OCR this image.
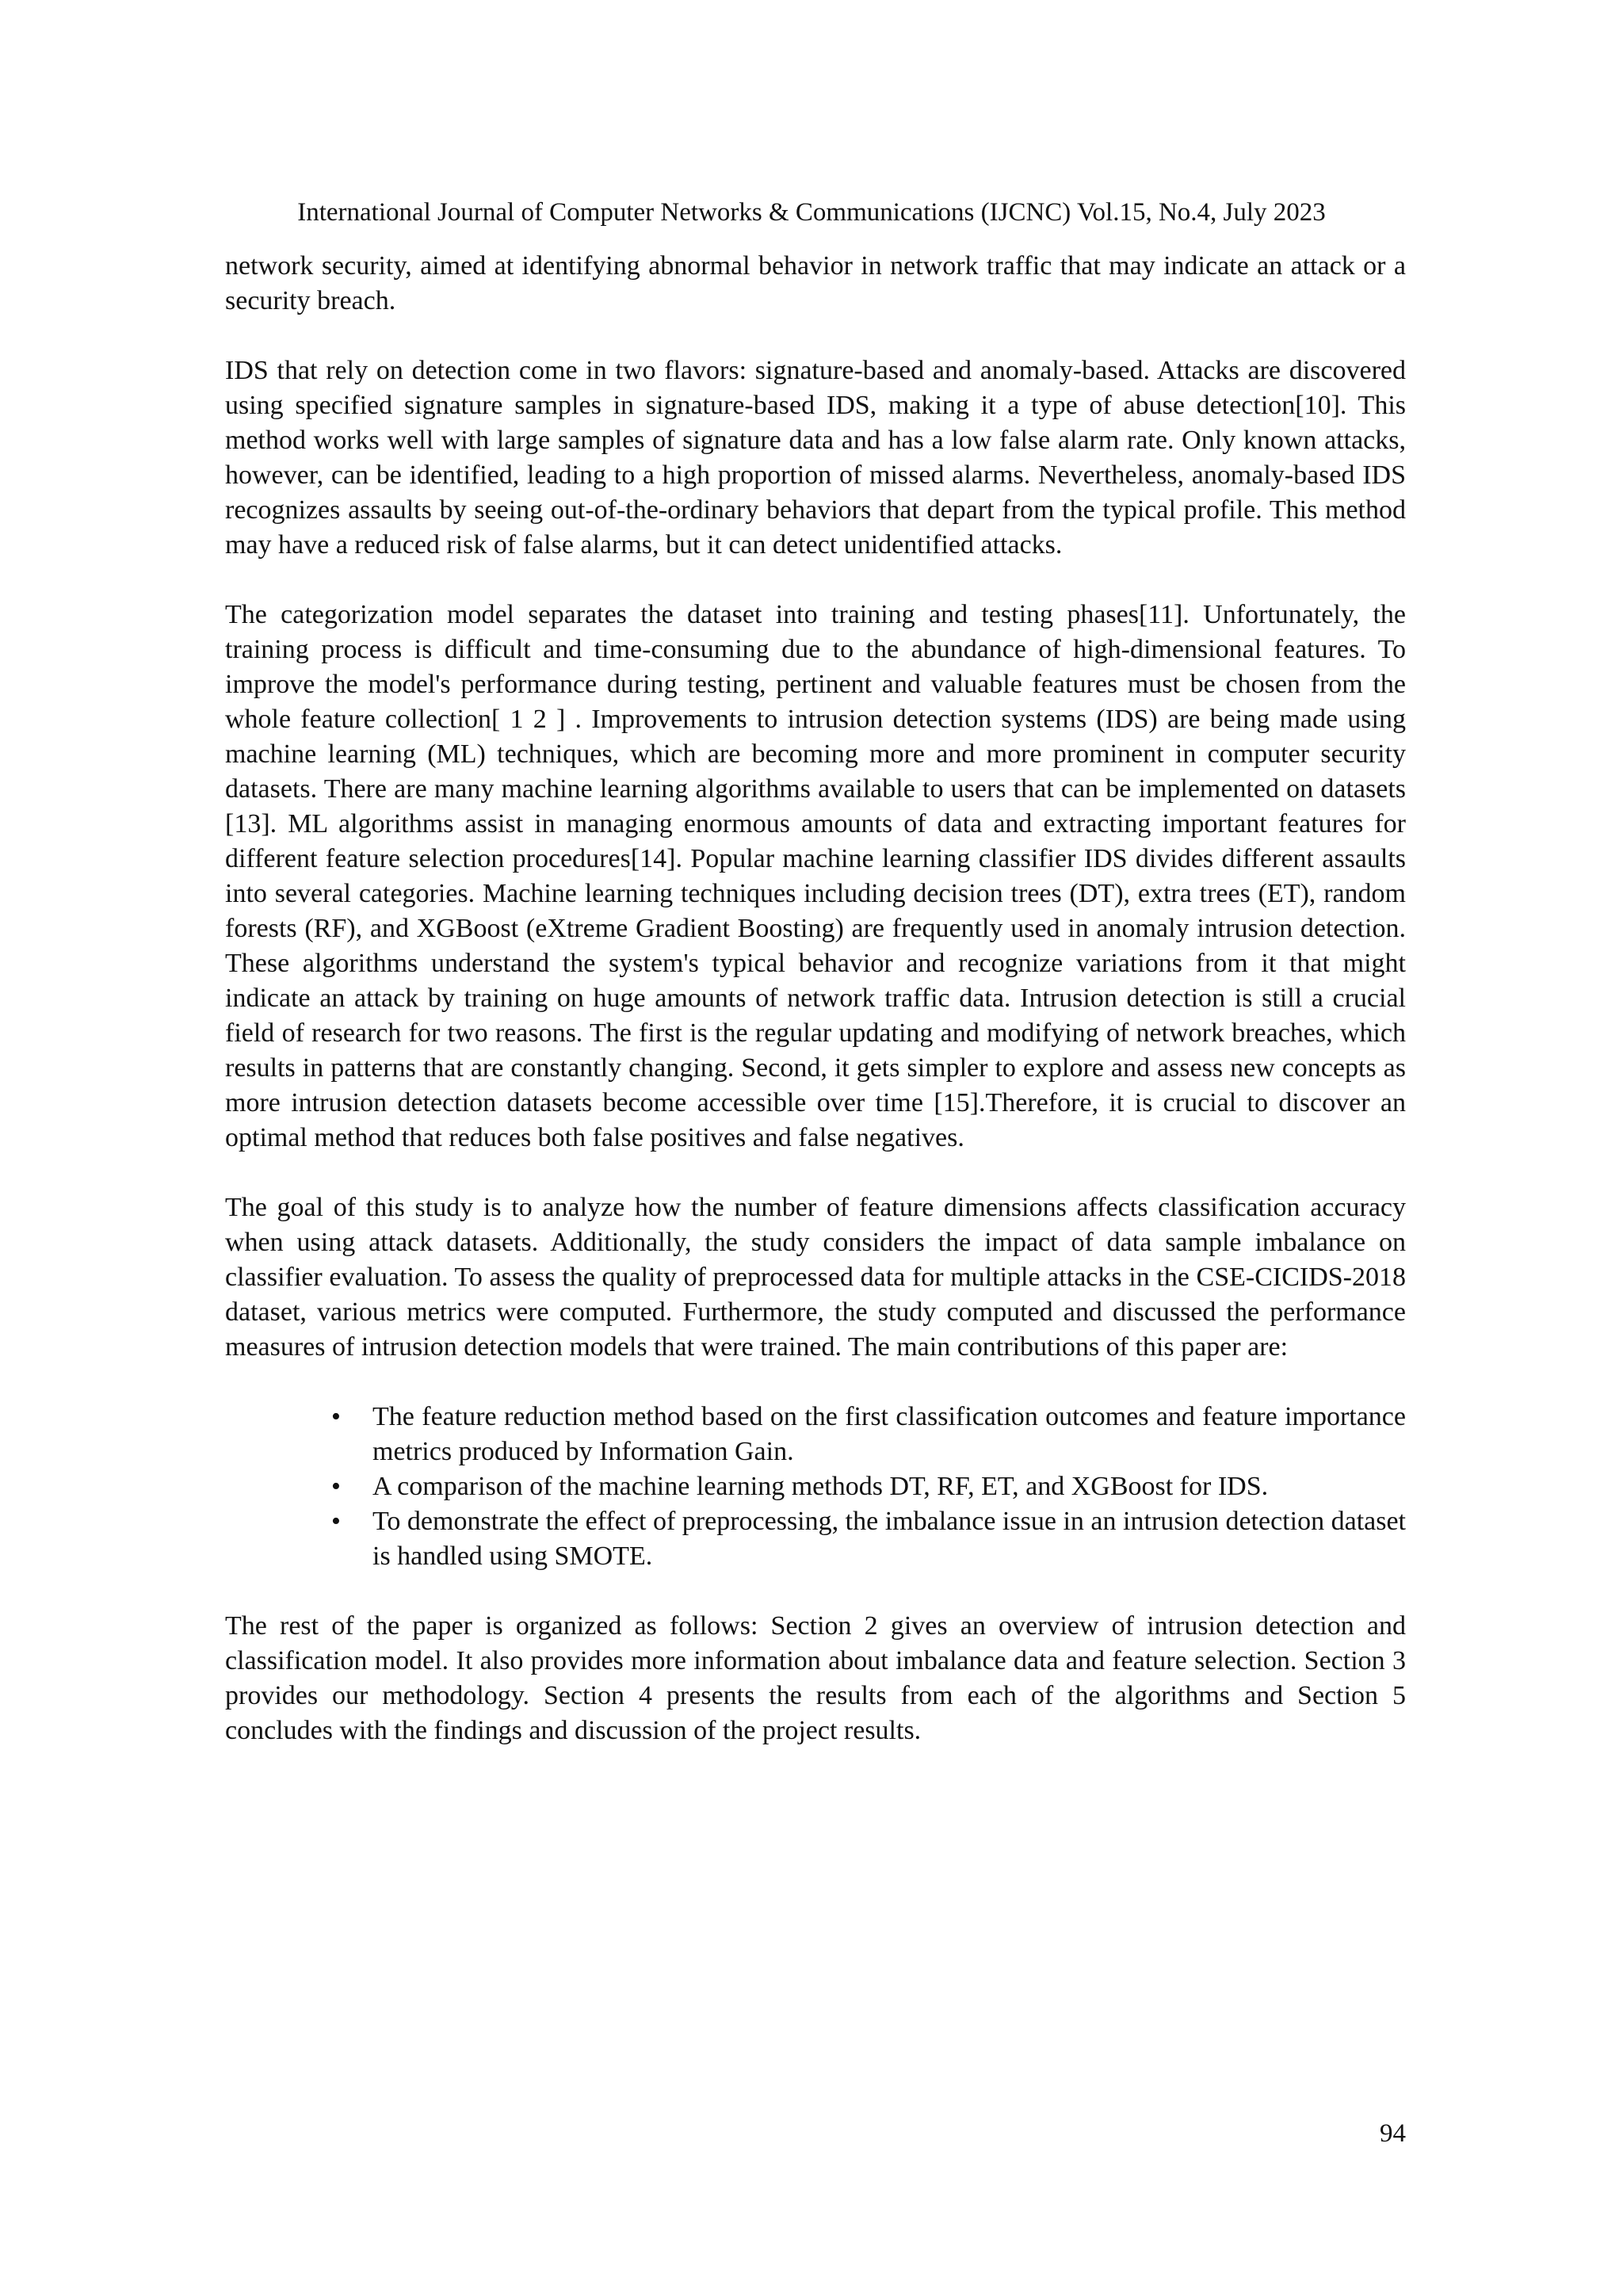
International Journal of Computer Networks & Communications (IJCNC) Vol.15, No.4, July 2023

network security, aimed at identifying abnormal behavior in network traffic that may indicate an attack or a security breach.

IDS that rely on detection come in two flavors: signature-based and anomaly-based. Attacks are discovered using specified signature samples in signature-based IDS, making it a type of abuse detection[10]. This method works well with large samples of signature data and has a low false alarm rate. Only known attacks, however, can be identified, leading to a high proportion of missed alarms. Nevertheless, anomaly-based IDS recognizes assaults by seeing out-of-the-ordinary behaviors that depart from the typical profile. This method may have a reduced risk of false alarms, but it can detect unidentified attacks.

The categorization model separates the dataset into training and testing phases[11]. Unfortunately, the training process is difficult and time-consuming due to the abundance of high-dimensional features. To improve the model's performance during testing, pertinent and valuable features must be chosen from the whole feature collection[ 1 2 ] . Improvements to intrusion detection systems (IDS) are being made using machine learning (ML) techniques, which are becoming more and more prominent in computer security datasets. There are many machine learning algorithms available to users that can be implemented on datasets [13]. ML algorithms assist in managing enormous amounts of data and extracting important features for different feature selection procedures[14]. Popular machine learning classifier IDS divides different assaults into several categories. Machine learning techniques including decision trees (DT), extra trees (ET), random forests (RF), and XGBoost (eXtreme Gradient Boosting) are frequently used in anomaly intrusion detection. These algorithms understand the system's typical behavior and recognize variations from it that might indicate an attack by training on huge amounts of network traffic data. Intrusion detection is still a crucial field of research for two reasons. The first is the regular updating and modifying of network breaches, which results in patterns that are constantly changing. Second, it gets simpler to explore and assess new concepts as more intrusion detection datasets become accessible over time [15].Therefore, it is crucial to discover an optimal method that reduces both false positives and false negatives.

The goal of this study is to analyze how the number of feature dimensions affects classification accuracy when using attack datasets. Additionally, the study considers the impact of data sample imbalance on classifier evaluation. To assess the quality of preprocessed data for multiple attacks in the CSE-CICIDS-2018 dataset, various metrics were computed. Furthermore, the study computed and discussed the performance measures of intrusion detection models that were trained. The main contributions of this paper are:

• The feature reduction method based on the first classification outcomes and feature importance metrics produced by Information Gain.
• A comparison of the machine learning methods DT, RF, ET, and XGBoost for IDS.
• To demonstrate the effect of preprocessing, the imbalance issue in an intrusion detection dataset is handled using SMOTE.

The rest of the paper is organized as follows: Section 2 gives an overview of intrusion detection and classification model. It also provides more information about imbalance data and feature selection. Section 3 provides our methodology. Section 4 presents the results from each of the algorithms and Section 5 concludes with the findings and discussion of the project results.

94
